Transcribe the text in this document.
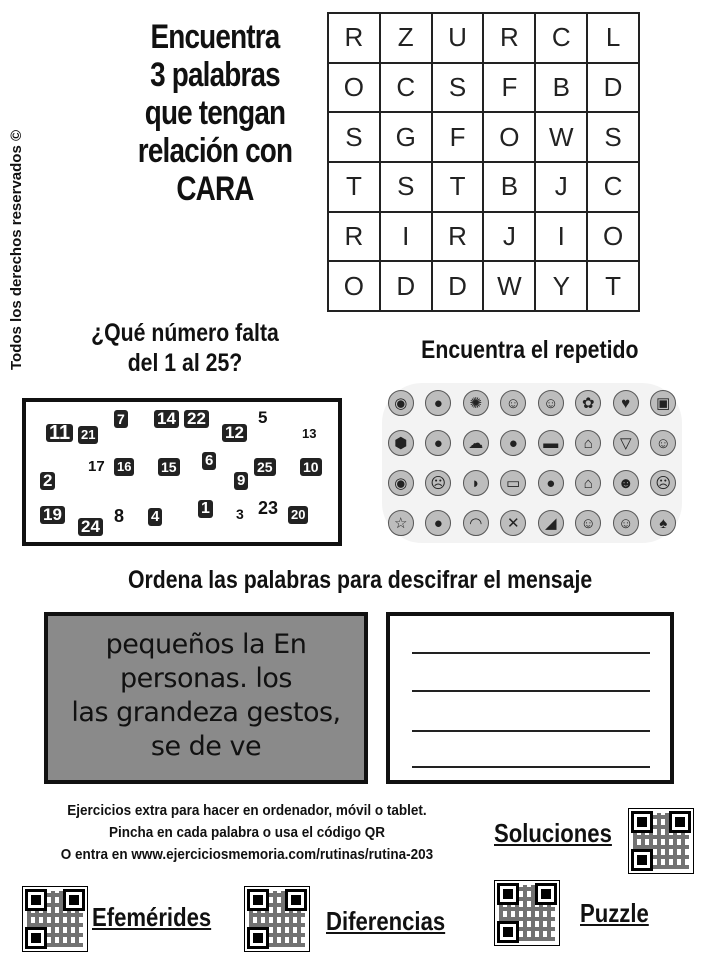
Todos los derechos reservados ©
Encuentra
3 palabras
que tengan
relación con
CARA
R	Z	U	R	C	L
O	C	S	F	B	D
S	G	F	O	W	S
T	S	T	B	J	C
R	I	R	J	I	O
O	D	D	W	Y	T
¿Qué número falta
del 1 al 25?
11 21
7 14 22	5
13
12
17 16 15 6	25 10
2	9
19
24
8 4	1 3 23 20
Encuentra el repetido
◉	●	✺	☺	☺	✿	♥	▣
⬢	●	☁	●	▬	⌂	▽	☺
◉	☹	◗	▭	●	⌂	☻	☹
☆	●	◠	✕	◢	☺	☺	♠
Ordena las palabras para descifrar el mensaje
pequeños la En
personas. los
las grandeza gestos,
se de ve
Ejercicios extra para hacer en ordenador, móvil o tablet.
Pincha en cada palabra o usa el código QR
O entra en www.ejerciciosmemoria.com/rutinas/rutina-203
Soluciones
Efemérides	Diferencias	Puzzle
